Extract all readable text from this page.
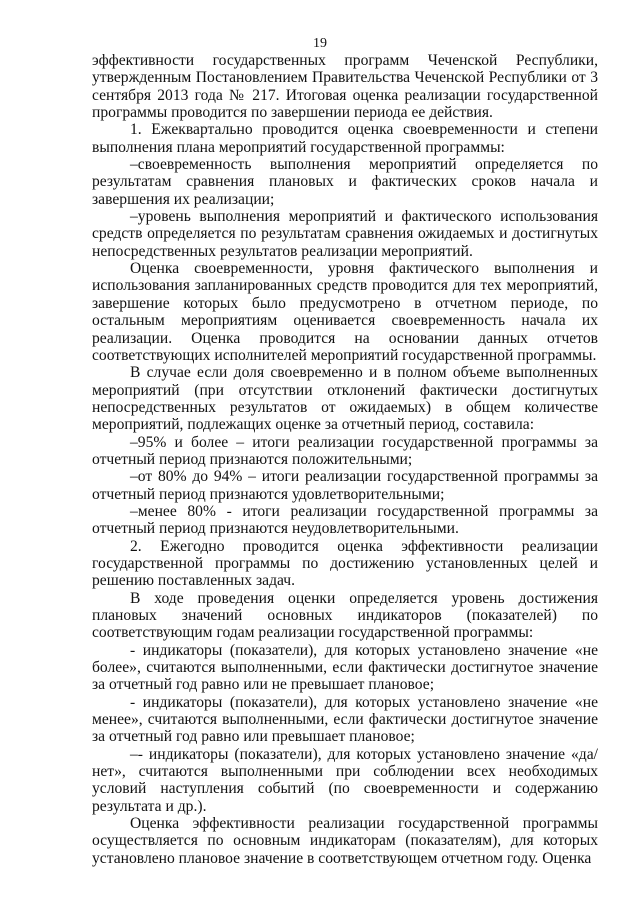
19

эффективности государственных программ Чеченской Республики, утвержденным Постановлением Правительства Чеченской Республики от 3 сентября 2013 года № 217. Итоговая оценка реализации государственной программы проводится по завершении периода ее действия.

1. Ежеквартально проводится оценка своевременности и степени выполнения плана мероприятий государственной программы:

–своевременность выполнения мероприятий определяется по результатам сравнения плановых и фактических сроков начала и завершения их реализации;

–уровень выполнения мероприятий и фактического использования средств определяется по результатам сравнения ожидаемых и достигнутых непосредственных результатов реализации мероприятий.

Оценка своевременности, уровня фактического выполнения и использования запланированных средств проводится для тех мероприятий, завершение которых было предусмотрено в отчетном периоде, по остальным мероприятиям оценивается своевременность начала их реализации. Оценка проводится на основании данных отчетов соответствующих исполнителей мероприятий государственной программы.

В случае если доля своевременно и в полном объеме выполненных мероприятий (при отсутствии отклонений фактически достигнутых непосредственных результатов от ожидаемых) в общем количестве мероприятий, подлежащих оценке за отчетный период, составила:

–95% и более – итоги реализации государственной программы за отчетный период признаются положительными;

–от 80% до 94% – итоги реализации государственной программы за отчетный период признаются удовлетворительными;

–менее 80% - итоги реализации государственной программы за отчетный период признаются неудовлетворительными.

2. Ежегодно проводится оценка эффективности реализации государственной программы по достижению установленных целей и решению поставленных задач.

В ходе проведения оценки определяется уровень достижения плановых значений основных индикаторов (показателей) по соответствующим годам реализации государственной программы:

- индикаторы (показатели), для которых установлено значение «не более», считаются выполненными, если фактически достигнутое значение за отчетный год равно или не превышает плановое;

- индикаторы (показатели), для которых установлено значение «не менее», считаются выполненными, если фактически достигнутое значение за отчетный год равно или превышает плановое;

–- индикаторы (показатели), для которых установлено значение «да/нет», считаются выполненными при соблюдении всех необходимых условий наступления событий (по своевременности и содержанию результата и др.).

Оценка эффективности реализации государственной программы осуществляется по основным индикаторам (показателям), для которых установлено плановое значение в соответствующем отчетном году. Оценка
